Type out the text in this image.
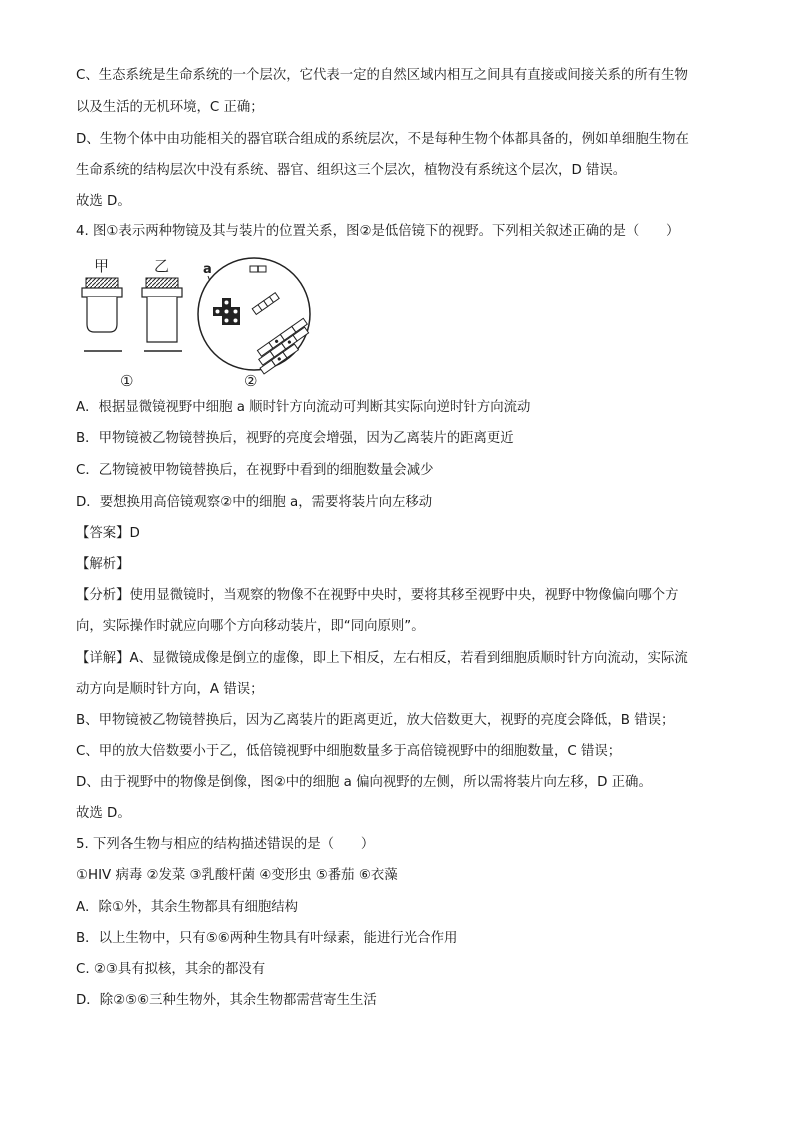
C、生态系统是生命系统的一个层次，它代表一定的自然区域内相互之间具有直接或间接关系的所有生物
以及生活的无机环境，C 正确；
D、生物个体中由功能相关的器官联合组成的系统层次，不是每种生物个体都具备的，例如单细胞生物在
生命系统的结构层次中没有系统、器官、组织这三个层次，植物没有系统这个层次，D 错误。
故选 D。
4. 图①表示两种物镜及其与装片的位置关系，图②是低倍镜下的视野。下列相关叙述正确的是（　　）
甲	乙	a
①	②
A．根据显微镜视野中细胞 a 顺时针方向流动可判断其实际向逆时针方向流动
B．甲物镜被乙物镜替换后，视野的亮度会增强，因为乙离装片的距离更近
C．乙物镜被甲物镜替换后，在视野中看到的细胞数量会减少
D．要想换用高倍镜观察②中的细胞 a，需要将装片向左移动
【答案】D
【解析】
【分析】使用显微镜时，当观察的物像不在视野中央时，要将其移至视野中央，视野中物像偏向哪个方
向，实际操作时就应向哪个方向移动装片，即“同向原则”。
【详解】A、显微镜成像是倒立的虚像，即上下相反，左右相反，若看到细胞质顺时针方向流动，实际流
动方向是顺时针方向，A 错误；
B、甲物镜被乙物镜替换后，因为乙离装片的距离更近，放大倍数更大，视野的亮度会降低，B 错误；
C、甲的放大倍数要小于乙，低倍镜视野中细胞数量多于高倍镜视野中的细胞数量，C 错误；
D、由于视野中的物像是倒像，图②中的细胞 a 偏向视野的左侧，所以需将装片向左移，D 正确。
故选 D。
5. 下列各生物与相应的结构描述错误的是（　　）
①HIV 病毒 ②发菜 ③乳酸杆菌 ④变形虫 ⑤番茄 ⑥衣藻
A．除①外，其余生物都具有细胞结构
B．以上生物中，只有⑤⑥两种生物具有叶绿素，能进行光合作用
C. ②③具有拟核，其余的都没有
D．除②⑤⑥三种生物外，其余生物都需营寄生生活
